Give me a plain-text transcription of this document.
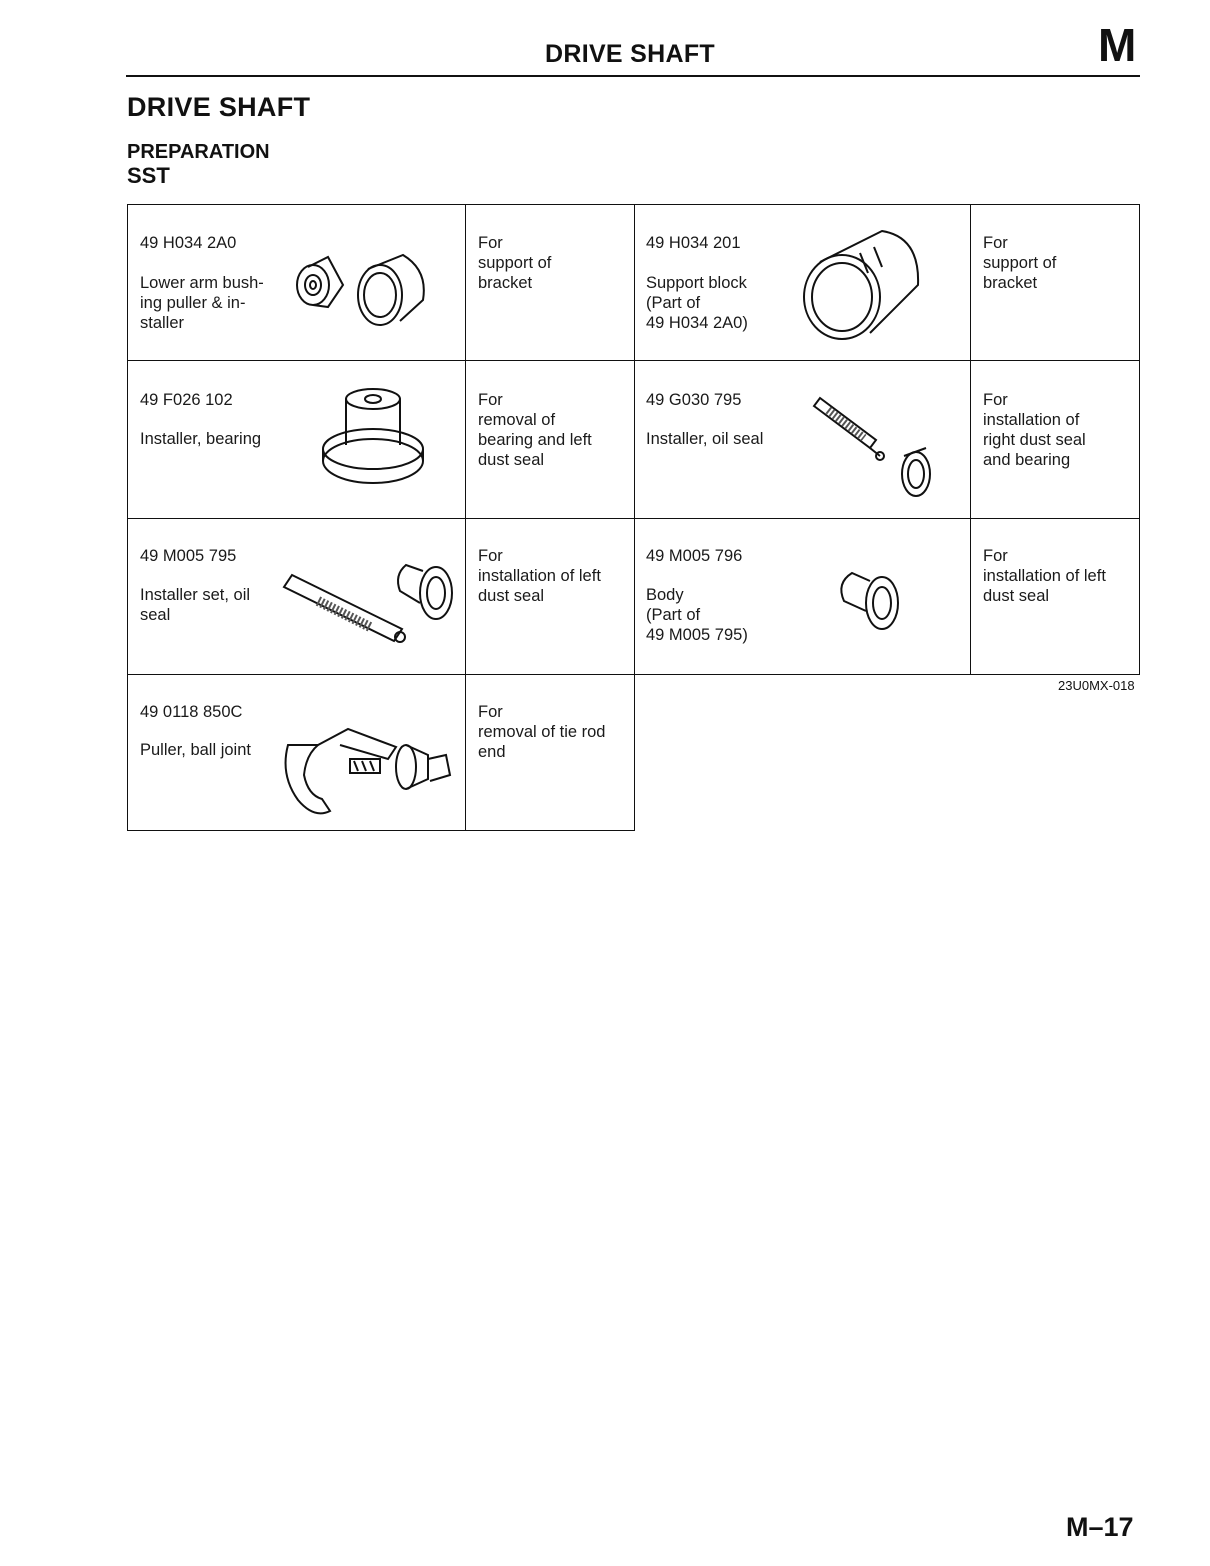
DRIVE SHAFT	M
DRIVE SHAFT
PREPARATION
SST
49 H034 2A0
Lower arm bush-
ing puller & in-
staller
For
support of
bracket
49 H034 201
Support block
(Part of
49 H034 2A0)
For
support of
bracket
49 F026 102
Installer, bearing
For
removal of
bearing and left
dust seal
49 G030 795
Installer, oil seal
For
installation of
right dust seal
and bearing
49 M005 795
Installer set, oil
seal
For
installation of left
dust seal
49 M005 796
Body
(Part of
49 M005 795)
For
installation of left
dust seal
49 0118 850C
Puller, ball joint
For
removal of tie rod
end
23U0MX-018
M–17
